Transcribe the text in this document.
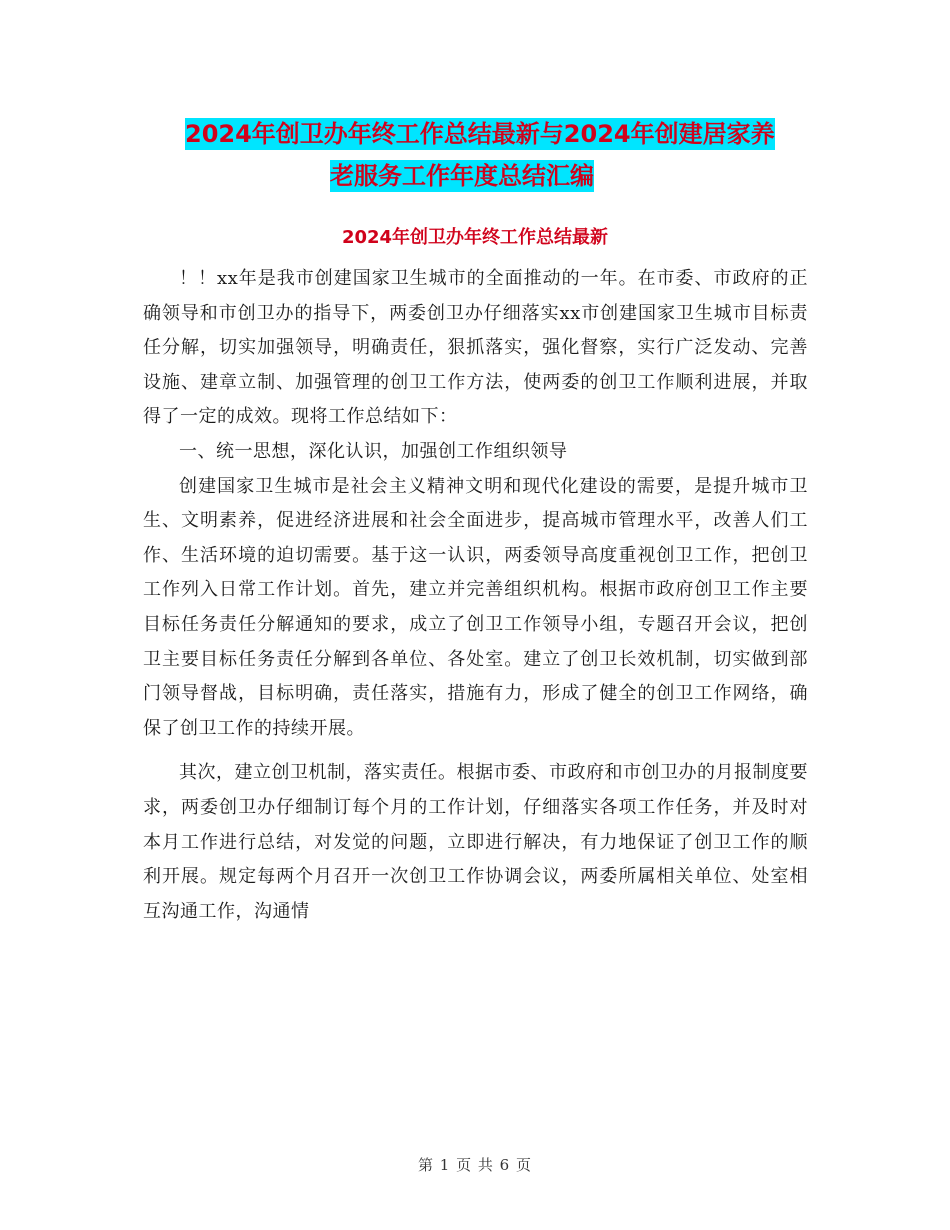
2024年创卫办年终工作总结最新与2024年创建居家养
老服务工作年度总结汇编
2024年创卫办年终工作总结最新

！！xx年是我市创建国家卫生城市的全面推动的一年。在市委、市政府的正确领导和市创卫办的指导下，两委创卫办仔细落实xx市创建国家卫生城市目标责任分解，切实加强领导，明确责任，狠抓落实，强化督察，实行广泛发动、完善设施、建章立制、加强管理的创卫工作方法，使两委的创卫工作顺利进展，并取得了一定的成效。现将工作总结如下：

一、统一思想，深化认识，加强创工作组织领导

创建国家卫生城市是社会主义精神文明和现代化建设的需要，是提升城市卫生、文明素养，促进经济进展和社会全面进步，提高城市管理水平，改善人们工作、生活环境的迫切需要。基于这一认识，两委领导高度重视创卫工作，把创卫工作列入日常工作计划。首先，建立并完善组织机构。根据市政府创卫工作主要目标任务责任分解通知的要求，成立了创卫工作领导小组，专题召开会议，把创卫主要目标任务责任分解到各单位、各处室。建立了创卫长效机制，切实做到部门领导督战，目标明确，责任落实，措施有力，形成了健全的创卫工作网络，确保了创卫工作的持续开展。

其次，建立创卫机制，落实责任。根据市委、市政府和市创卫办的月报制度要求，两委创卫办仔细制订每个月的工作计划，仔细落实各项工作任务，并及时对本月工作进行总结，对发觉的问题，立即进行解决，有力地保证了创卫工作的顺利开展。规定每两个月召开一次创卫工作协调会议，两委所属相关单位、处室相互沟通工作，沟通情

第 1 页 共 6 页
